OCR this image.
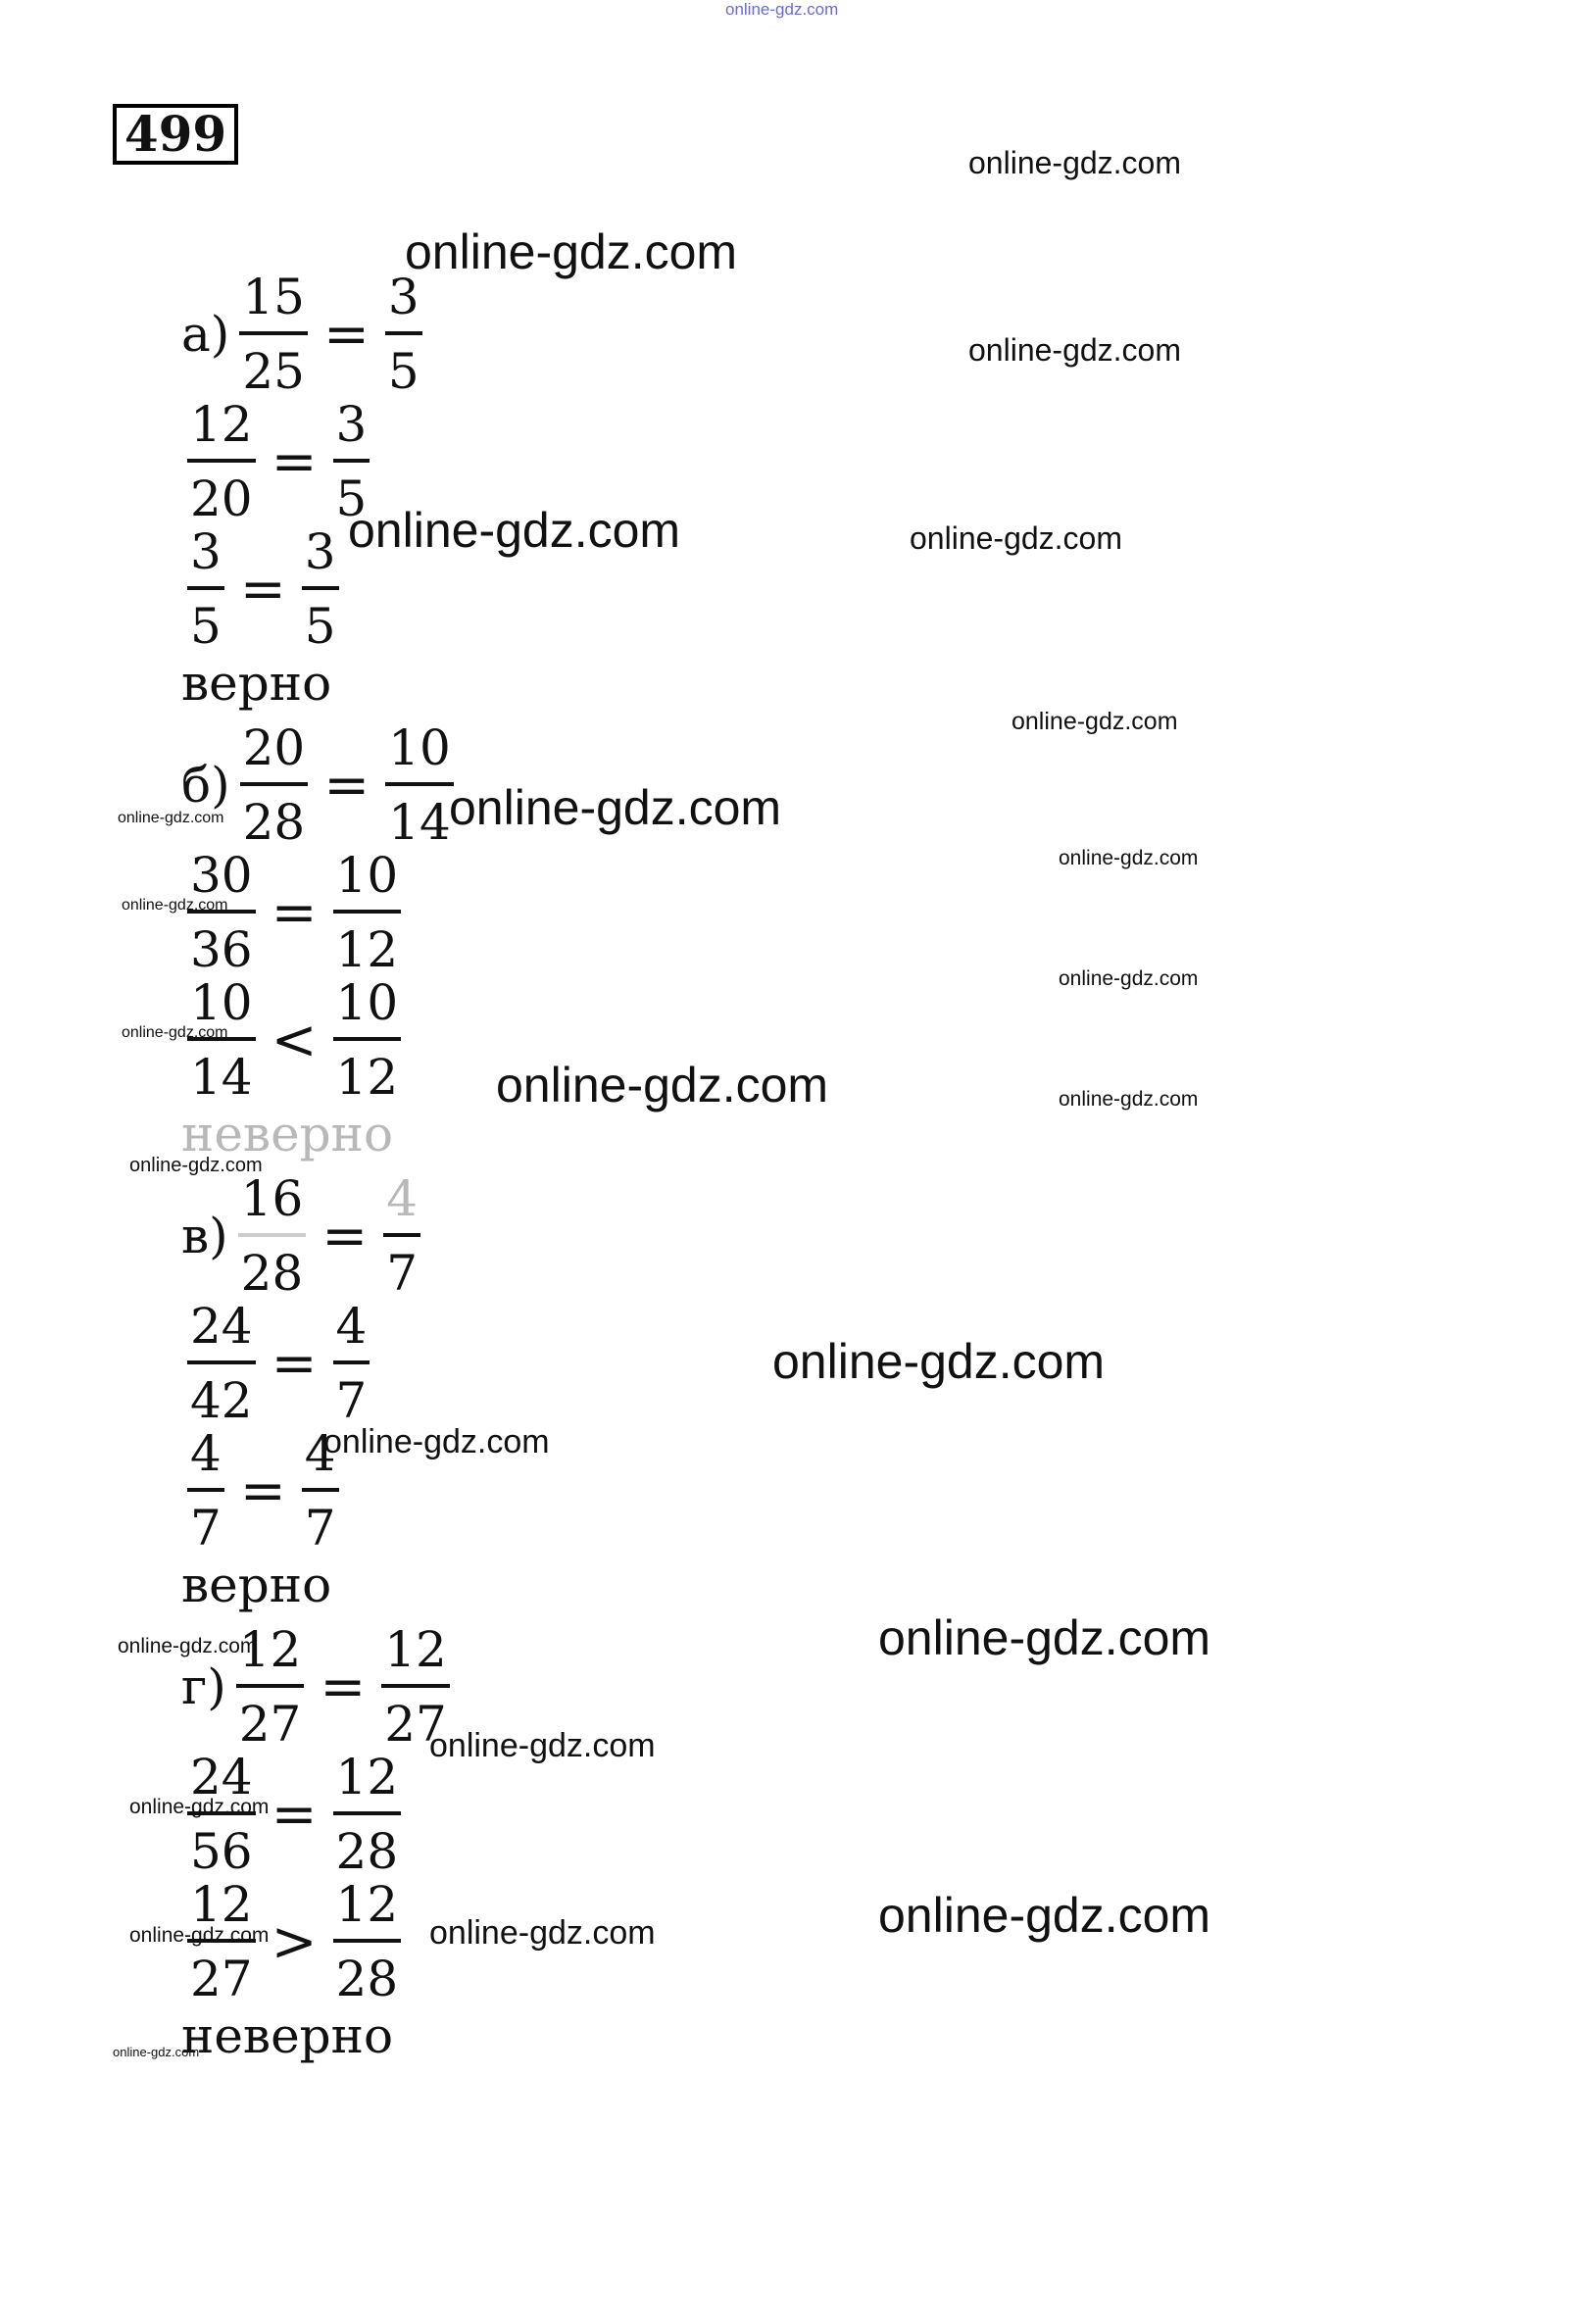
499
$а) \frac{15}{25} = \frac{3}{5}$
$\frac{12}{20} = \frac{3}{5}$
$\frac{3}{5} = \frac{3}{5}$
верно
$б) \frac{20}{28} = \frac{10}{14}$
$\frac{30}{36} = \frac{10}{12}$
$\frac{10}{14} < \frac{10}{12}$
неверно
$в) \frac{16}{28} = \frac{4}{7}$
$\frac{24}{42} = \frac{4}{7}$
$\frac{4}{7} = \frac{4}{7}$
верно
$г) \frac{12}{27} = \frac{12}{27}$
$\frac{24}{56} = \frac{12}{28}$
$\frac{12}{27} > \frac{12}{28}$
неверно
online-gdz.com
online-gdz.com
online-gdz.com
online-gdz.com
online-gdz.com	online-gdz.com
online-gdz.com
online-gdz.com
online-gdz.com
online-gdz.com
online-gdz.com
online-gdz.com
online-gdz.com
online-gdz.com	online-gdz.com
online-gdz.com
online-gdz.com
online-gdz.com
online-gdz.com	online-gdz.com
online-gdz.com
online-gdz.com
online-gdz.com
online-gdz.com	online-gdz.com
online-gdz.com
